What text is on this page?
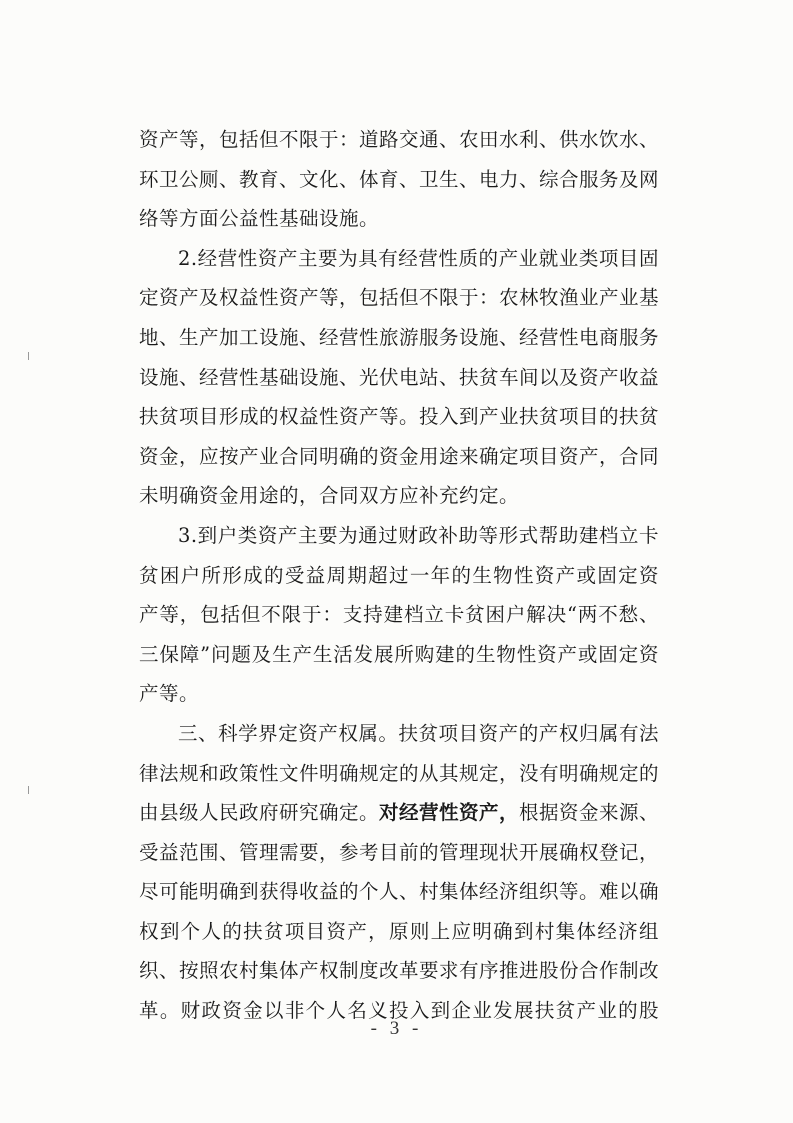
资产等，包括但不限于：道路交通、农田水利、供水饮水、
环卫公厕、教育、文化、体育、卫生、电力、综合服务及网
络等方面公益性基础设施。
2.经营性资产主要为具有经营性质的产业就业类项目固
定资产及权益性资产等，包括但不限于：农林牧渔业产业基
地、生产加工设施、经营性旅游服务设施、经营性电商服务
设施、经营性基础设施、光伏电站、扶贫车间以及资产收益
扶贫项目形成的权益性资产等。投入到产业扶贫项目的扶贫
资金，应按产业合同明确的资金用途来确定项目资产，合同
未明确资金用途的，合同双方应补充约定。
3.到户类资产主要为通过财政补助等形式帮助建档立卡
贫困户所形成的受益周期超过一年的生物性资产或固定资
产等，包括但不限于：支持建档立卡贫困户解决“两不愁、
三保障”问题及生产生活发展所购建的生物性资产或固定资
产等。
三、科学界定资产权属。扶贫项目资产的产权归属有法
律法规和政策性文件明确规定的从其规定，没有明确规定的
由县级人民政府研究确定。对经营性资产，根据资金来源、
受益范围、管理需要，参考目前的管理现状开展确权登记，
尽可能明确到获得收益的个人、村集体经济组织等。难以确
权到个人的扶贫项目资产，原则上应明确到村集体经济组
织、按照农村集体产权制度改革要求有序推进股份合作制改
革。财政资金以非个人名义投入到企业发展扶贫产业的股
- 3 -
